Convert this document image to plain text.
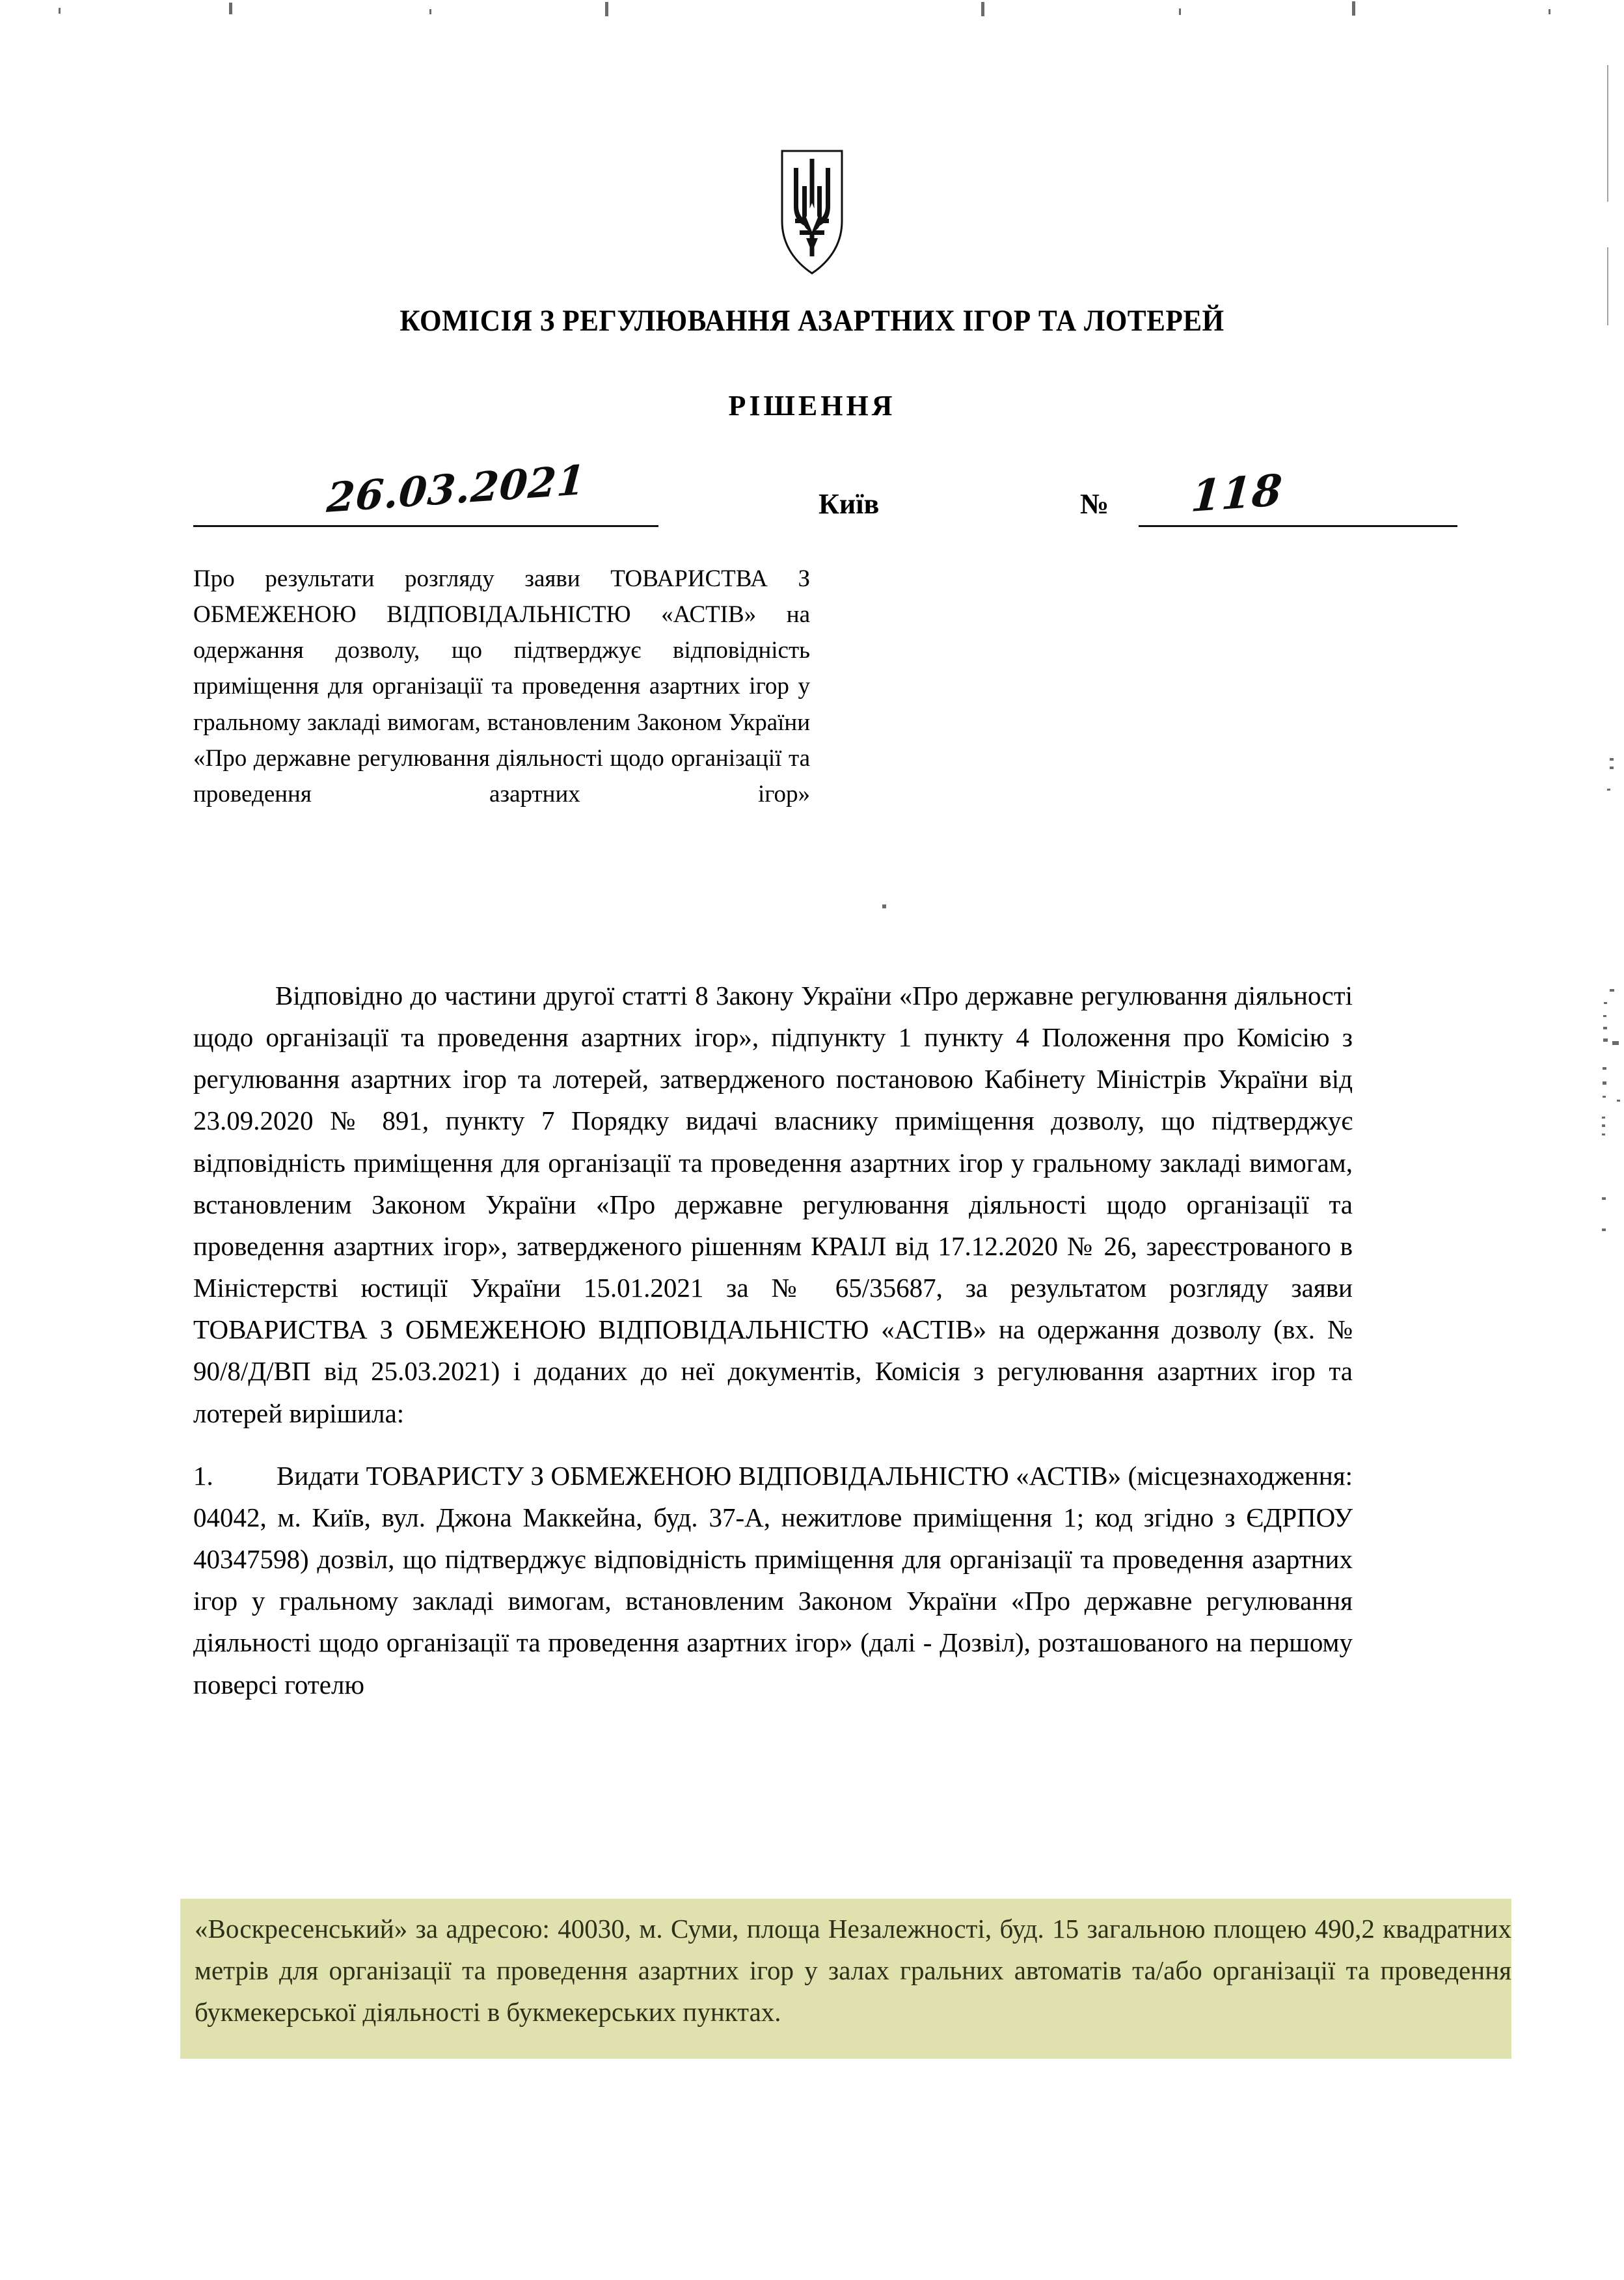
КОМІСІЯ З РЕГУЛЮВАННЯ АЗАРТНИХ ІГОР ТА ЛОТЕРЕЙ
РІШЕННЯ
26.03.2021	Київ	№ 118

Про результати розгляду заяви ТОВАРИСТВА З ОБМЕЖЕНОЮ ВІДПОВІДАЛЬНІСТЮ «АСТІВ» на одержання дозволу, що підтверджує відповідність приміщення для організації та проведення азартних ігор у гральному закладі вимогам, встановленим Законом України «Про державне регулювання діяльності щодо організації та проведення азартних ігор»

Відповідно до частини другої статті 8 Закону України «Про державне регулювання діяльності щодо організації та проведення азартних ігор», підпункту 1 пункту 4 Положення про Комісію з регулювання азартних ігор та лотерей, затвердженого постановою Кабінету Міністрів України від 23.09.2020 № 891, пункту 7 Порядку видачі власнику приміщення дозволу, що підтверджує відповідність приміщення для організації та проведення азартних ігор у гральному закладі вимогам, встановленим Законом України «Про державне регулювання діяльності щодо організації та проведення азартних ігор», затвердженого рішенням КРАІЛ від 17.12.2020 № 26, зареєстрованого в Міністерстві юстиції України 15.01.2021 за № 65/35687, за результатом розгляду заяви ТОВАРИСТВА З ОБМЕЖЕНОЮ ВІДПОВІДАЛЬНІСТЮ «АСТІВ» на одержання дозволу (вх. № 90/8/Д/ВП від 25.03.2021) і доданих до неї документів, Комісія з регулювання азартних ігор та лотерей вирішила:

1. Видати ТОВАРИСТУ З ОБМЕЖЕНОЮ ВІДПОВІДАЛЬНІСТЮ «АСТІВ» (місцезнаходження: 04042, м. Київ, вул. Джона Маккейна, буд. 37-А, нежитлове приміщення 1; код згідно з ЄДРПОУ 40347598) дозвіл, що підтверджує відповідність приміщення для організації та проведення азартних ігор у гральному закладі вимогам, встановленим Законом України «Про державне регулювання діяльності щодо організації та проведення азартних ігор» (далі - Дозвіл), розташованого на першому поверсі готелю

«Воскресенський» за адресою: 40030, м. Суми, площа Незалежності, буд. 15 загальною площею 490,2 квадратних метрів для організації та проведення азартних ігор у залах гральних автоматів та/або організації та проведення букмекерської діяльності в букмекерських пунктах.
